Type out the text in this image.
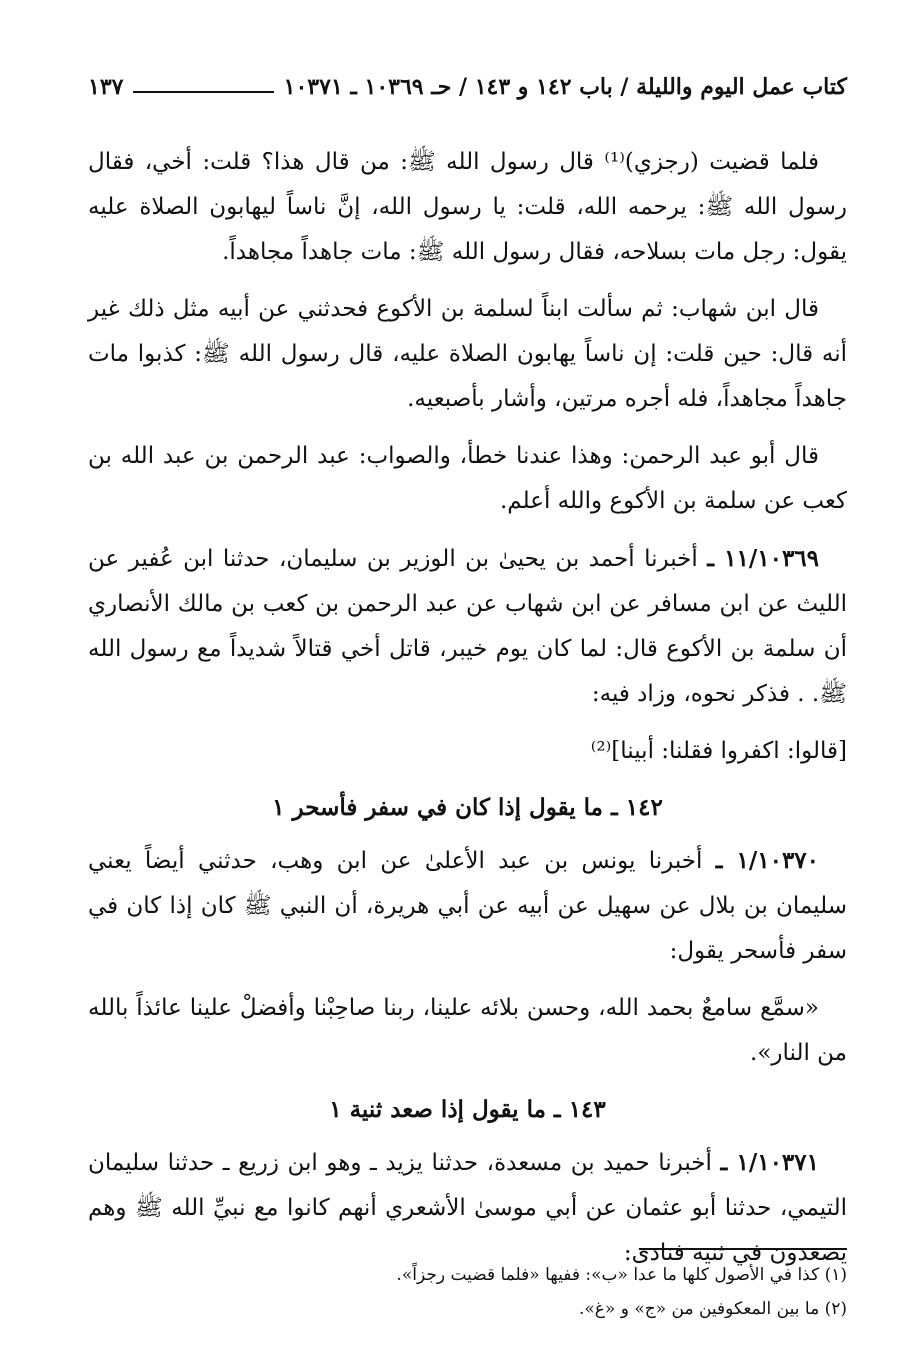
كتاب عمل اليوم والليلة / باب ١٤٢ و ١٤٣ / حـ ١٠٣٦٩ ـ ١٠٣٧١
١٣٧

فلما قضيت (رجزي)⁽¹⁾ قال رسول الله ﷺ: من قال هذا؟ قلت: أخي، فقال رسول الله ﷺ: يرحمه الله، قلت: يا رسول الله، إنَّ ناساً ليهابون الصلاة عليه يقول: رجل مات بسلاحه، فقال رسول الله ﷺ: مات جاهداً مجاهداً.

قال ابن شهاب: ثم سألت ابناً لسلمة بن الأكوع فحدثني عن أبيه مثل ذلك غير أنه قال: حين قلت: إن ناساً يهابون الصلاة عليه، قال رسول الله ﷺ: كذبوا مات جاهداً مجاهداً، فله أجره مرتين، وأشار بأصبعيه.

قال أبو عبد الرحمن: وهذا عندنا خطأ، والصواب: عبد الرحمن بن عبد الله بن كعب عن سلمة بن الأكوع والله أعلم.

١١/١٠٣٦٩ ـ أخبرنا أحمد بن يحيىٰ بن الوزير بن سليمان، حدثنا ابن عُفير عن الليث عن ابن مسافر عن ابن شهاب عن عبد الرحمن بن كعب بن مالك الأنصاري أن سلمة بن الأكوع قال: لما كان يوم خيبر، قاتل أخي قتالاً شديداً مع رسول الله ﷺ. . فذكر نحوه، وزاد فيه:

[قالوا: اكفروا فقلنا: أبينا]⁽²⁾

١٤٢ ـ ما يقول إذا كان في سفر فأسحر ١

١/١٠٣٧٠ ـ أخبرنا يونس بن عبد الأعلىٰ عن ابن وهب، حدثني أيضاً يعني سليمان بن بلال عن سهيل عن أبيه عن أبي هريرة، أن النبي ﷺ كان إذا كان في سفر فأسحر يقول:

«سمَّع سامعٌ بحمد الله، وحسن بلائه علينا، ربنا صاحِبْنا وأفضلْ علينا عائذاً بالله من النار».

١٤٣ ـ ما يقول إذا صعد ثنية ١

١/١٠٣٧١ ـ أخبرنا حميد بن مسعدة، حدثنا يزيد ـ وهو ابن زريع ـ حدثنا سليمان التيمي، حدثنا أبو عثمان عن أبي موسىٰ الأشعري أنهم كانوا مع نبيِّ الله ﷺ وهم يصعدون في ثنية فنادى:

(١) كذا في الأصول كلها ما عدا «ب»: ففيها «فلما قضيت رجزاً».
(٢) ما بين المعكوفين من «ج» و «غ».
